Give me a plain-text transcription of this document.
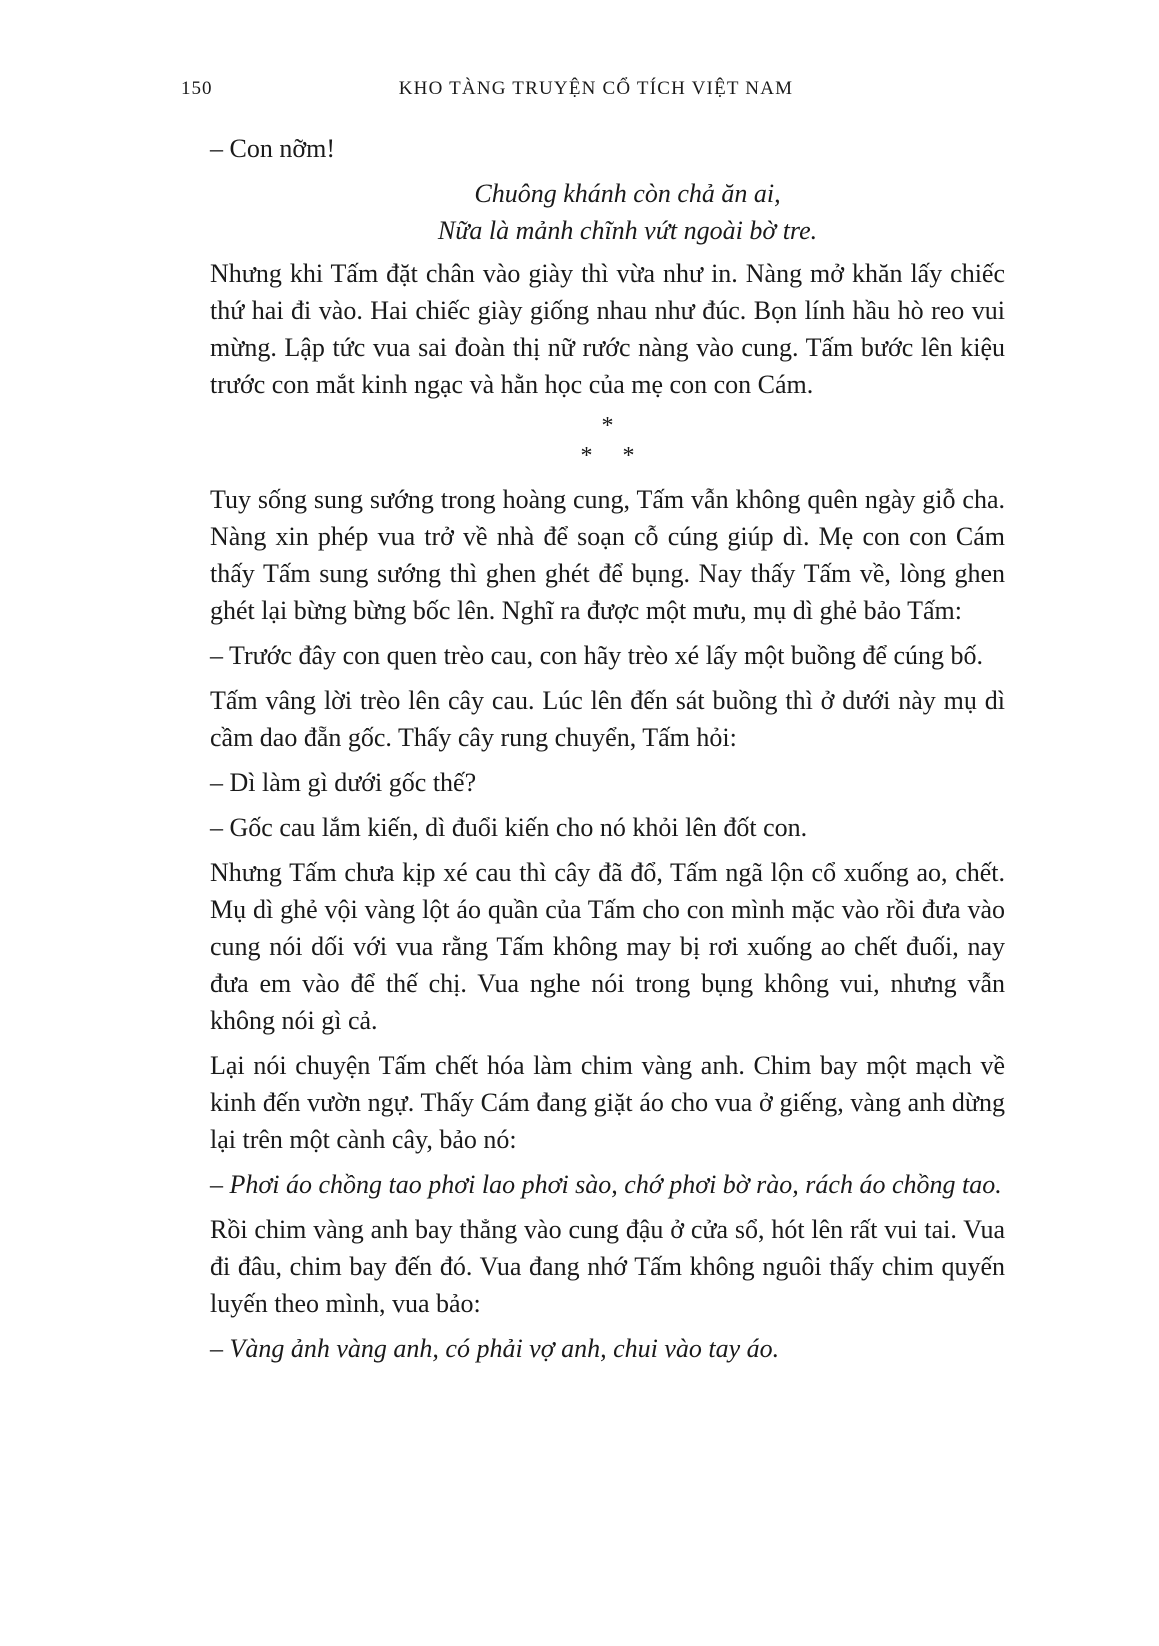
150	KHO TÀNG TRUYỆN CỔ TÍCH VIỆT NAM

– Con nỡm!

Chuông khánh còn chả ăn ai,
Nữa là mảnh chĩnh vứt ngoài bờ tre.

Nhưng khi Tấm đặt chân vào giày thì vừa như in. Nàng mở khăn lấy chiếc thứ hai đi vào. Hai chiếc giày giống nhau như đúc. Bọn lính hầu hò reo vui mừng. Lập tức vua sai đoàn thị nữ rước nàng vào cung. Tấm bước lên kiệu trước con mắt kinh ngạc và hằn học của mẹ con con Cám.

*
*     *

Tuy sống sung sướng trong hoàng cung, Tấm vẫn không quên ngày giỗ cha. Nàng xin phép vua trở về nhà để soạn cỗ cúng giúp dì. Mẹ con con Cám thấy Tấm sung sướng thì ghen ghét để bụng. Nay thấy Tấm về, lòng ghen ghét lại bừng bừng bốc lên. Nghĩ ra được một mưu, mụ dì ghẻ bảo Tấm:

– Trước đây con quen trèo cau, con hãy trèo xé lấy một buồng để cúng bố.

Tấm vâng lời trèo lên cây cau. Lúc lên đến sát buồng thì ở dưới này mụ dì cầm dao đẵn gốc. Thấy cây rung chuyển, Tấm hỏi:

– Dì làm gì dưới gốc thế?

– Gốc cau lắm kiến, dì đuổi kiến cho nó khỏi lên đốt con.

Nhưng Tấm chưa kịp xé cau thì cây đã đổ, Tấm ngã lộn cổ xuống ao, chết. Mụ dì ghẻ vội vàng lột áo quần của Tấm cho con mình mặc vào rồi đưa vào cung nói dối với vua rằng Tấm không may bị rơi xuống ao chết đuối, nay đưa em vào để thế chị. Vua nghe nói trong bụng không vui, nhưng vẫn không nói gì cả.

Lại nói chuyện Tấm chết hóa làm chim vàng anh. Chim bay một mạch về kinh đến vườn ngự. Thấy Cám đang giặt áo cho vua ở giếng, vàng anh dừng lại trên một cành cây, bảo nó:

– Phơi áo chồng tao phơi lao phơi sào, chớ phơi bờ rào, rách áo chồng tao.

Rồi chim vàng anh bay thẳng vào cung đậu ở cửa sổ, hót lên rất vui tai. Vua đi đâu, chim bay đến đó. Vua đang nhớ Tấm không nguôi thấy chim quyến luyến theo mình, vua bảo:

– Vàng ảnh vàng anh, có phải vợ anh, chui vào tay áo.
